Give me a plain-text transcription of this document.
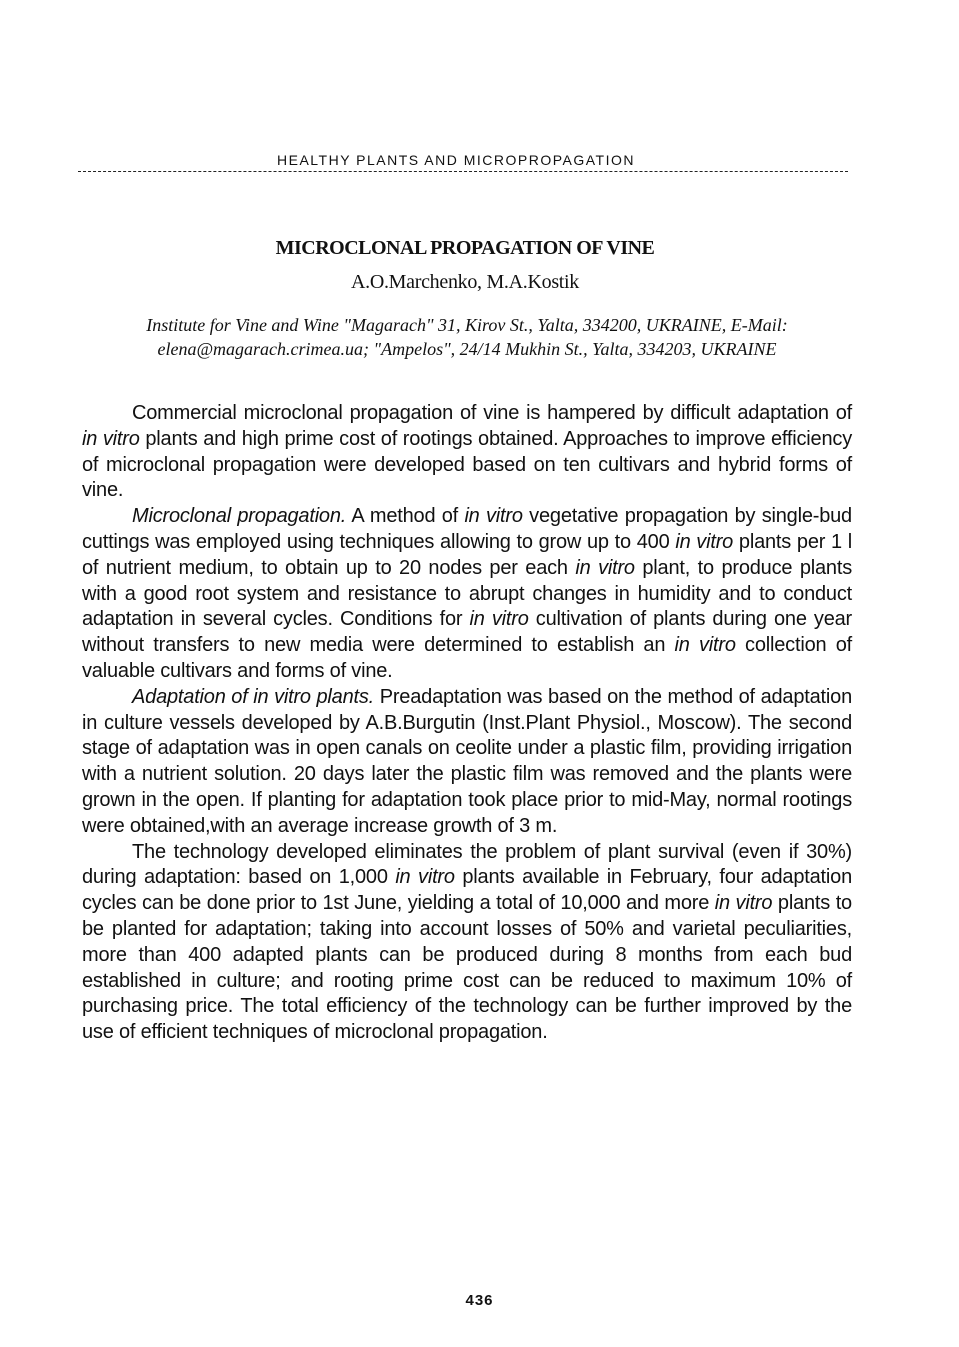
HEALTHY PLANTS AND MICROPROPAGATION
MICROCLONAL PROPAGATION OF VINE
A.O.Marchenko, M.A.Kostik
Institute for Vine and Wine "Magarach" 31, Kirov St., Yalta, 334200, UKRAINE, E-Mail: elena@magarach.crimea.ua; "Ampelos", 24/14 Mukhin St., Yalta, 334203, UKRAINE

Commercial microclonal propagation of vine is hampered by difficult adaptation of in vitro plants and high prime cost of rootings obtained. Approaches to improve efficiency of microclonal propagation were developed based on ten cultivars and hybrid forms of vine.

Microclonal propagation. A method of in vitro vegetative propagation by single-bud cuttings was employed using techniques allowing to grow up to 400 in vitro plants per 1 l of nutrient medium, to obtain up to 20 nodes per each in vitro plant, to produce plants with a good root system and resistance to abrupt changes in humidity and to conduct adaptation in several cycles. Conditions for in vitro cultivation of plants during one year without transfers to new media were determined to establish an in vitro collection of valuable cultivars and forms of vine.

Adaptation of in vitro plants. Preadaptation was based on the method of adaptation in culture vessels developed by A.B.Burgutin (Inst.Plant Physiol., Moscow). The second stage of adaptation was in open canals on ceolite under a plastic film, providing irrigation with a nutrient solution. 20 days later the plastic film was removed and the plants were grown in the open. If planting for adaptation took place prior to mid-May, normal rootings were obtained,with an average increase growth of 3 m.

The technology developed eliminates the problem of plant survival (even if 30%) during adaptation: based on 1,000 in vitro plants available in February, four adaptation cycles can be done prior to 1st June, yielding a total of 10,000 and more in vitro plants to be planted for adaptation; taking into account losses of 50% and varietal peculiarities, more than 400 adapted plants can be produced during 8 months from each bud established in culture; and rooting prime cost can be reduced to maximum 10% of purchasing price. The total efficiency of the technology can be further improved by the use of efficient techniques of microclonal propagation.

436
